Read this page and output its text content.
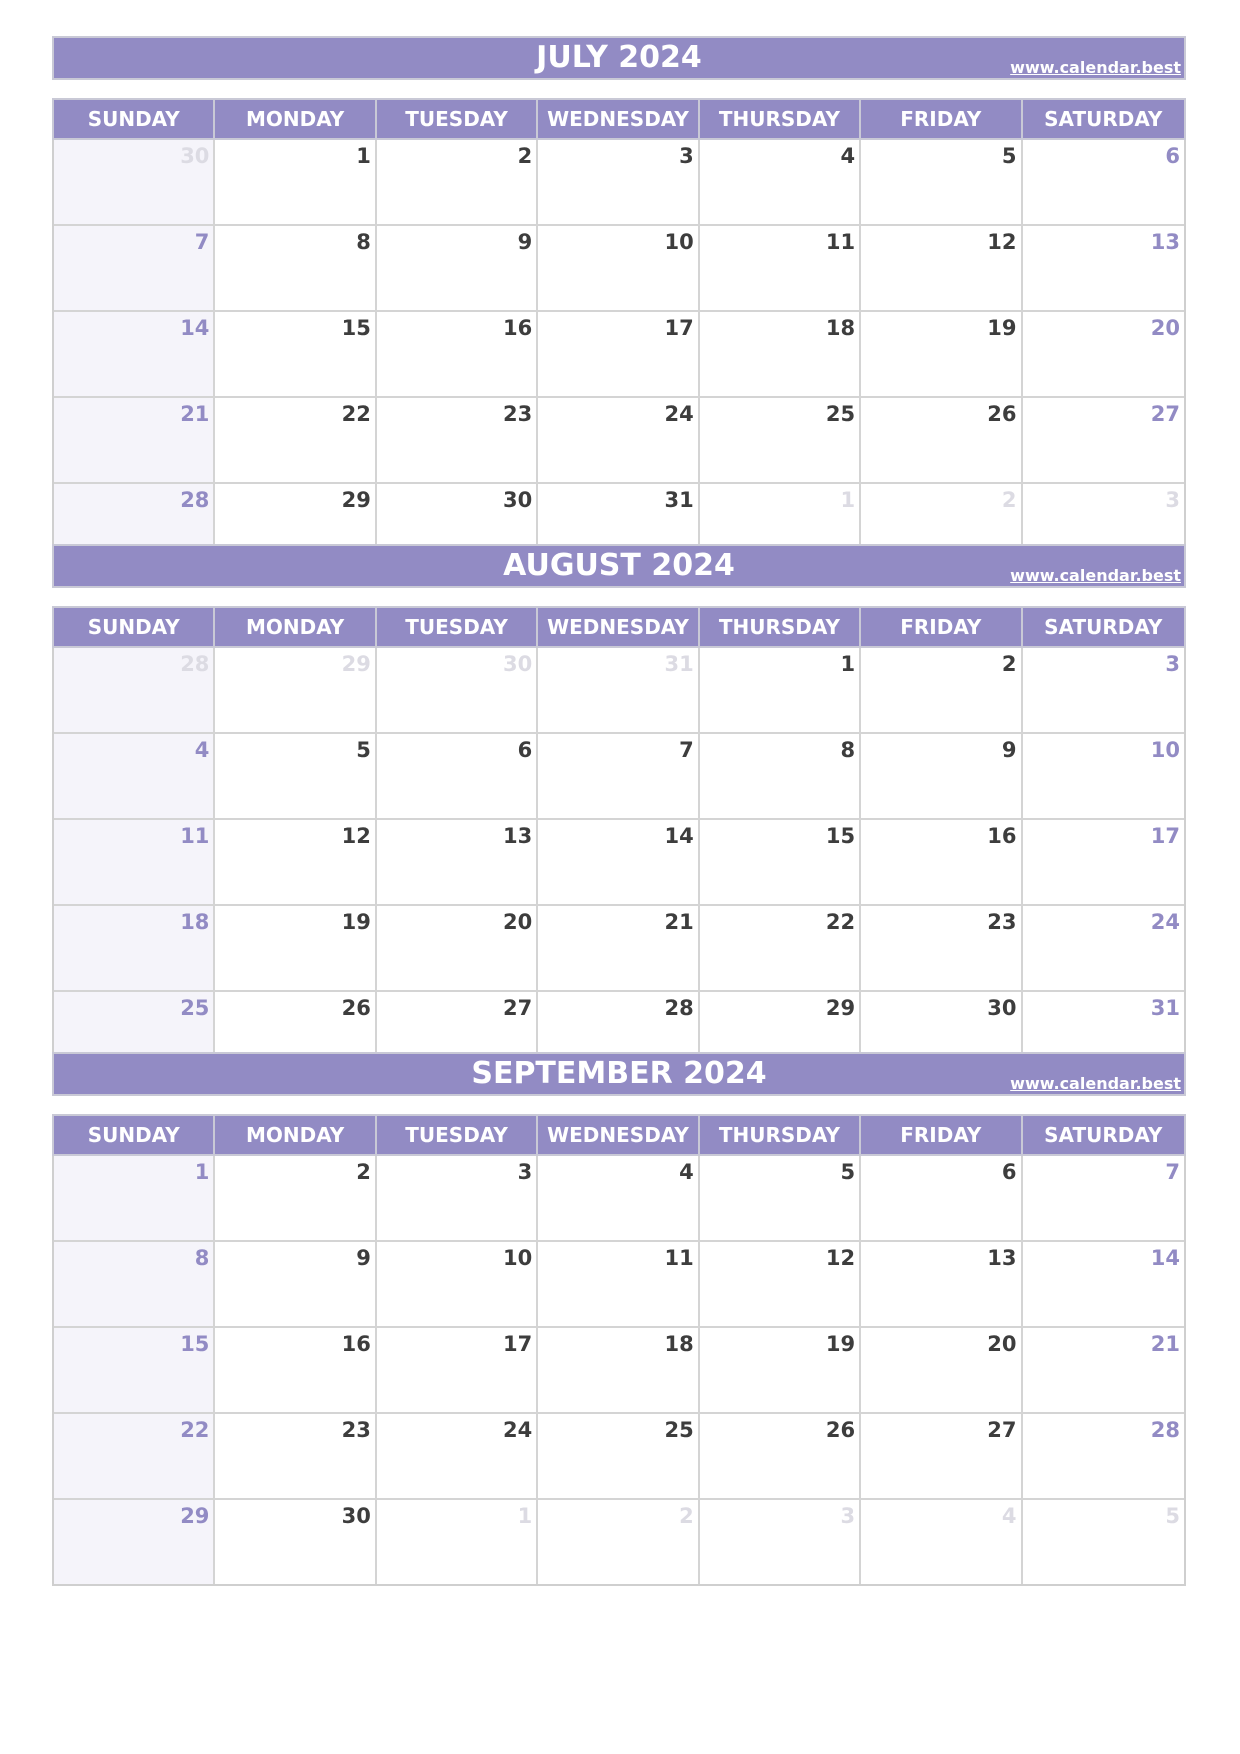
JULY 2024	www.calendar.best
SUNDAY	MONDAY	TUESDAY	WEDNESDAY	THURSDAY	FRIDAY	SATURDAY
30	1	2	3	4	5	6
7	8	9	10	11	12	13
14	15	16	17	18	19	20
21	22	23	24	25	26	27
28	29	30	31	1	2	3
AUGUST 2024	www.calendar.best
SUNDAY	MONDAY	TUESDAY	WEDNESDAY	THURSDAY	FRIDAY	SATURDAY
28	29	30	31	1	2	3
4	5	6	7	8	9	10
11	12	13	14	15	16	17
18	19	20	21	22	23	24
25	26	27	28	29	30	31
SEPTEMBER 2024	www.calendar.best
SUNDAY	MONDAY	TUESDAY	WEDNESDAY	THURSDAY	FRIDAY	SATURDAY
1	2	3	4	5	6	7
8	9	10	11	12	13	14
15	16	17	18	19	20	21
22	23	24	25	26	27	28
29	30	1	2	3	4	5
